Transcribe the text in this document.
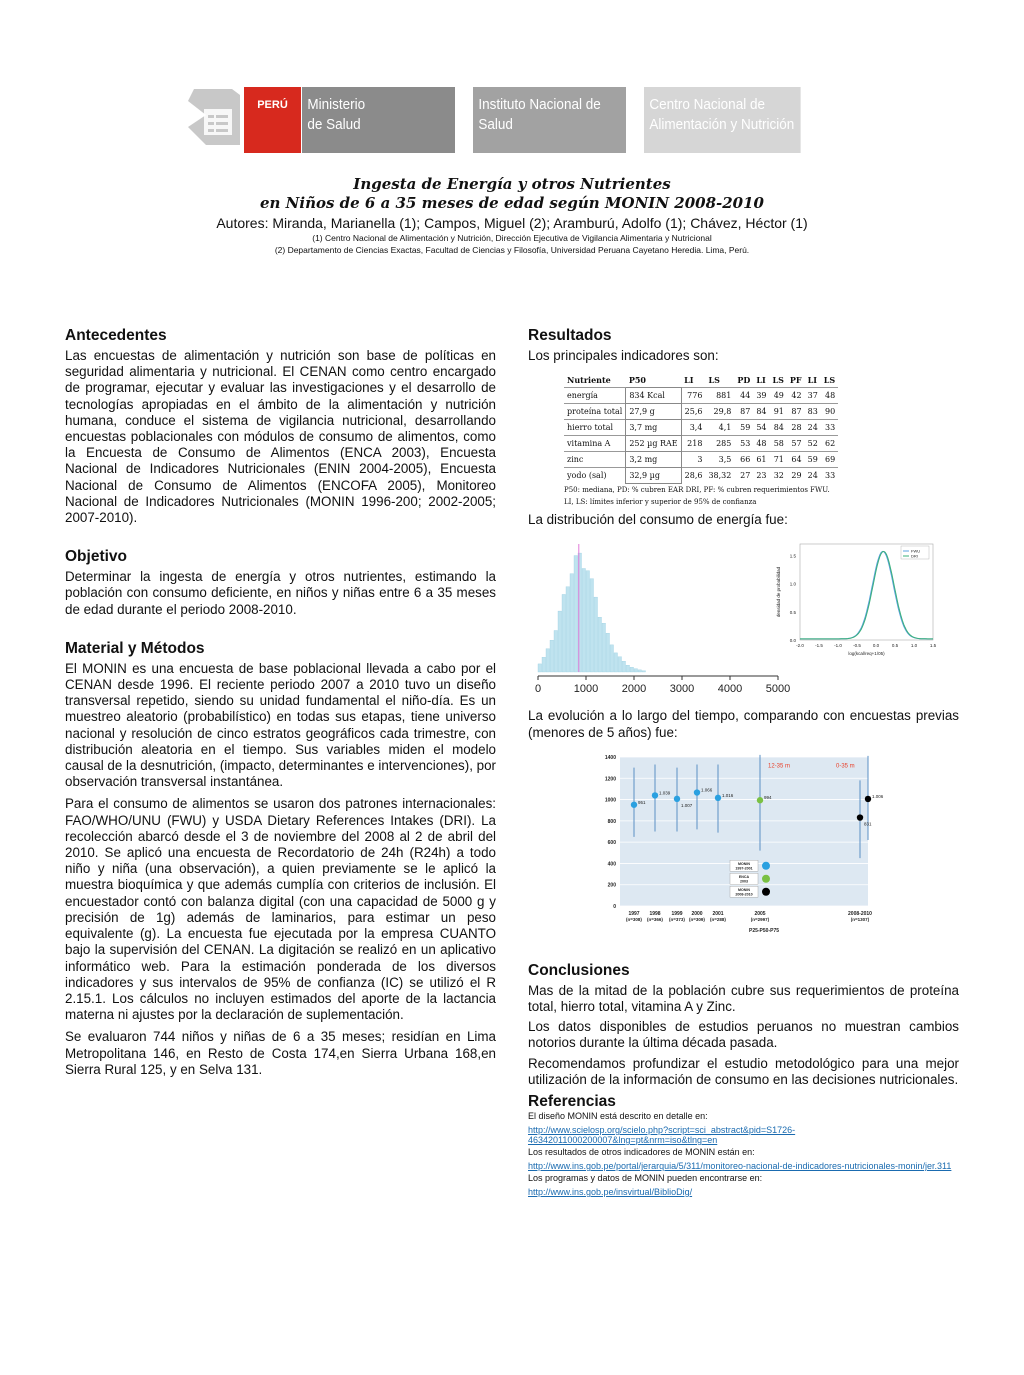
PERÚ	Ministerio
de Salud
Instituto Nacional de
Salud
Centro Nacional de
Alimentación y Nutrición
Ingesta de Energía y otros Nutrientes
en Niños de 6 a 35 meses de edad según MONIN 2008-2010
Autores: Miranda, Marianella (1); Campos, Miguel (2); Aramburú, Adolfo (1); Chávez, Héctor (1)
(1) Centro Nacional de Alimentación y Nutrición, Dirección Ejecutiva de Vigilancia Alimentaria y Nutricional
(2) Departamento de Ciencias Exactas, Facultad de Ciencias y Filosofía, Universidad Peruana Cayetano Heredia. Lima, Perú.
Antecedentes

Las encuestas de alimentación y nutrición son base de políticas en seguridad alimentaria y nutricional. El CENAN como centro encargado de programar, ejecutar y evaluar las investigaciones y el desarrollo de tecnologías apropiadas en el ámbito de la alimentación y nutrición humana, conduce el sistema de vigilancia nutricional, desarrollando encuestas poblacionales con módulos de consumo de alimentos, como la Encuesta de Consumo de Alimentos (ENCA 2003), Encuesta Nacional de Indicadores Nutricionales (ENIN 2004-2005), Encuesta Nacional de Consumo de Alimentos (ENCOFA 2005), Monitoreo Nacional de Indicadores Nutricionales (MONIN 1996-200; 2002-2005; 2007-2010).

Objetivo

Determinar la ingesta de energía y otros nutrientes, estimando la población con consumo deficiente, en niños y niñas entre 6 a 35 meses de edad durante el periodo 2008-2010.

Material y Métodos

El MONIN es una encuesta de base poblacional llevada a cabo por el CENAN desde 1996. El reciente periodo 2007 a 2010 tuvo un diseño transversal repetido, siendo su unidad fundamental el niño-día. Es un muestreo aleatorio (probabilístico) en todas sus etapas, tiene universo nacional y resolución de cinco estratos geográficos cada trimestre, con distribución aleatoria en el tiempo. Sus variables miden el modelo causal de la desnutrición, (impacto, determinantes e intervenciones), por observación transversal instantánea.

Para el consumo de alimentos se usaron dos patrones internacionales: FAO/WHO/UNU (FWU) y USDA Dietary References Intakes (DRI). La recolección abarcó desde el 3 de noviembre del 2008 al 2 de abril del 2010. Se aplicó una encuesta de Recordatorio de 24h (R24h) a todo niño y niña (una observación), a quien previamente se le aplicó la muestra bioquímica y que además cumplía con criterios de inclusión. El encuestador contó con balanza digital (con una capacidad de 5000 g y precisión de 1g) además de laminarios, para estimar un peso equivalente (g). La encuesta fue ejecutada por la empresa CUANTO bajo la supervisión del CENAN. La digitación se realizó en un aplicativo informático web. Para la estimación ponderada de los diversos indicadores y sus intervalos de 95% de confianza (IC) se utilizó el R 2.15.1. Los cálculos no incluyen estimados del aporte de la lactancia materna ni ajustes por la declaración de suplementación.

Se evaluaron 744 niños y niñas de 6 a 35 meses; residían en Lima Metropolitana 146, en Resto de Costa 174,en Sierra Urbana 168,en Sierra Rural 125, y en Selva 131.

Resultados

Los principales indicadores son:

Nutriente	P50	LI	LS	PD	LI	LS	PF	LI	LS
energía	834 Kcal	776	881	44	39	49	42	37	48
proteína total	27,9 g	25,6	29,8	87	84	91	87	83	90
hierro total	3,7 mg	3,4	4,1	59	54	84	28	24	33
vitamina A	252 µg RAE	218	285	53	48	58	57	52	62
zinc	3,2 mg	3	3,5	66	61	71	64	59	69
yodo (sal)	32,9 µg	28,6	38,32	27	23	32	29	24	33
P50: mediana, PD: % cubren EAR DRI, PF: % cubren requerimientos FWU.
LI, LS: límites inferior y superior de 95% de confianza

La distribución del consumo de energía fue:

0	1000 2000 3000 4000 5000
0.0
0.5
1.0
1.5
-2.0 -1.5 -1.0 -0.5	0.0	0.5	1.0	1.5
log(kcal/req+1/05)
densidad de probabilidad
FWU
DRI

La evolución a lo largo del tiempo, comparando con encuestas previas (menores de 5 años) fue:

0
200
400
600
800
1000
1200
1400
1997
(n=308)
1998
(n=366)
1999
(n=373)
2000
(n=309)
2001
(n=288)
2005
(n=2997)
2008-2010
(n=1307)
951
1.039
1.007
1.066
1.016	994	1.006
831
12-35 m	0-35 m
MONIN
1997-2001
ENCA
2003
MONIN
2008-2010
P25-P50-P75
Conclusiones

Mas de la mitad de la población cubre sus requerimientos de proteína total, hierro total, vitamina A y Zinc.

Los datos disponibles de estudios peruanos no muestran cambios notorios durante la última década pasada.

Recomendamos profundizar el estudio metodológico para una mejor utilización de la información de consumo en las decisiones nutricionales.

Referencias
El diseño MONIN está descrito en detalle en:
http://www.scielosp.org/scielo.php?script=sci_abstract&pid=S1726-46342011000200007&lng=pt&nrm=iso&tlng=en
Los resultados de otros indicadores de MONIN están en:
http://www.ins.gob.pe/portal/jerarquia/5/311/monitoreo-nacional-de-indicadores-nutricionales-monin/jer.311
Los programas y datos de MONIN pueden encontrarse en:
http://www.ins.gob.pe/insvirtual/BiblioDig/
